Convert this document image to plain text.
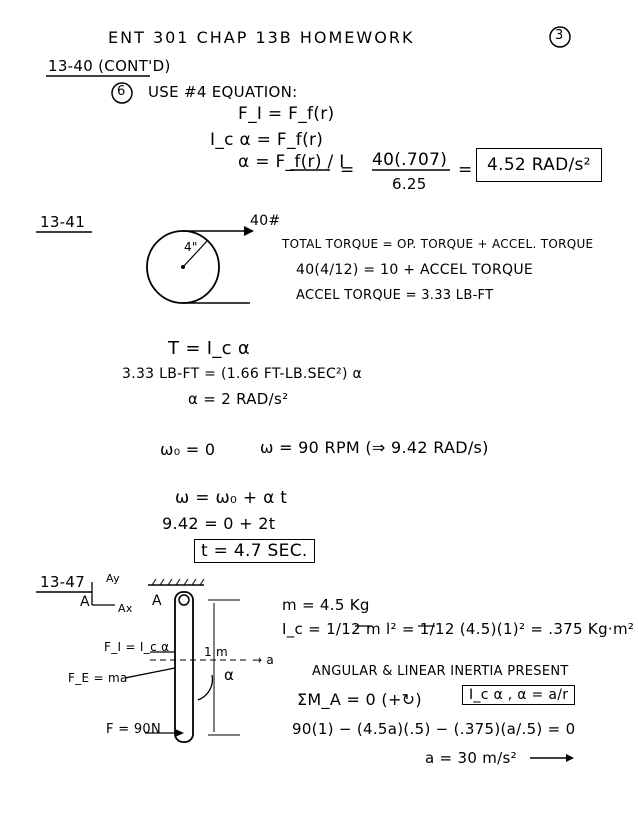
ENT 301 CHAP 13B HOMEWORK	3
13-40 (CONT'D)
6 USE #4 EQUATION:
F_I = F_f(r)
I_c α = F_f(r)
α = F_f(r) / I
= 40(.707)
6.25
= 4.52 RAD/s²
13-41	40#
4"	TOTAL TORQUE = OP. TORQUE + ACCEL. TORQUE
40(4/12) = 10 + ACCEL TORQUE
ACCEL TORQUE = 3.33 LB-FT
T = I_c α
3.33 LB-FT = (1.66 FT-LB.SEC²) α
α = 2 RAD/s²
ω₀ = 0	ω = 90 RPM (⇒ 9.42 RAD/s)
ω = ω₀ + α t
9.42 = 0 + 2t
t = 4.7 SEC.
13-47 Ay
Ax
A	A
F_I = I_c α
F_E = ma
1 m
→ a
α
F = 90N
m = 4.5 Kg
I_c = 1/12 m l² = 1/12 (4.5)(1)² = .375 Kg·m²
ANGULAR & LINEAR INERTIA PRESENT
I_c α , α = a/r
ΣM_A = 0 (+↻)
90(1) − (4.5a)(.5) − (.375)(a/.5) = 0
a = 30 m/s²
